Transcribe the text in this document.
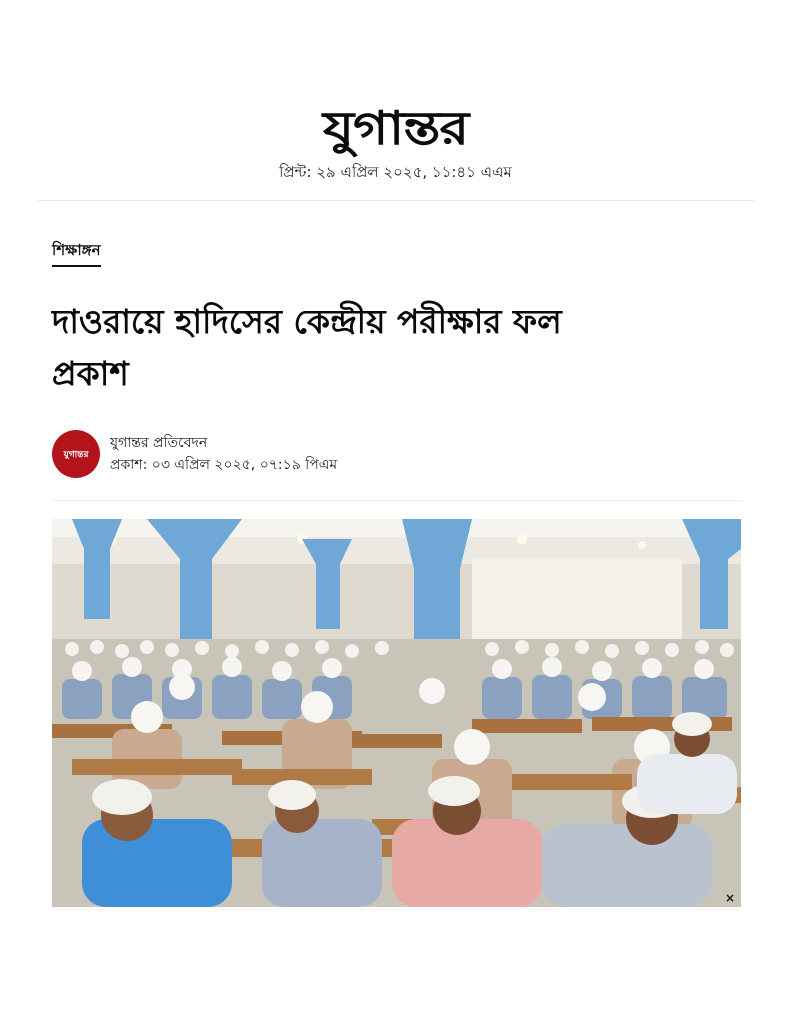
যুগান্তর
প্রিন্ট: ২৯ এপ্রিল ২০২৫, ১১:৪১ এএম
শিক্ষাঙ্গন
দাওরায়ে হাদিসের কেন্দ্রীয় পরীক্ষার ফল
প্রকাশ
যুগান্তর
যুগান্তর প্রতিবেদন
প্রকাশ: ০৩ এপ্রিল ২০২৫, ০৭:১৯ পিএম
×
